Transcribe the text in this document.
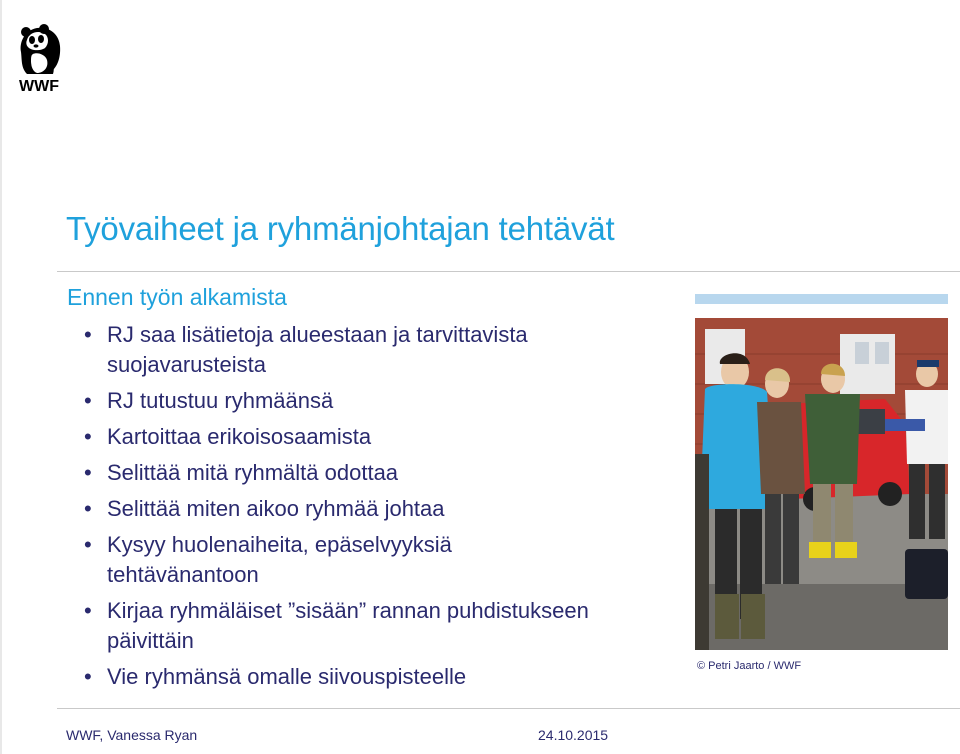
WWF
Työvaiheet ja ryhmänjohtajan tehtävät
Ennen työn alkamista
• RJ saa lisätietoja alueestaan ja tarvittavista
suojavarusteista
• RJ tutustuu ryhmäänsä
• Kartoittaa erikoisosaamista
• Selittää mitä ryhmältä odottaa
• Selittää miten aikoo ryhmää johtaa
• Kysyy huolenaiheita, epäselvyyksiä
tehtävänantoon
• Kirjaa ryhmäläiset ”sisään” rannan puhdistukseen
päivittäin
• Vie ryhmänsä omalle siivouspisteelle	© Petri Jaarto / WWF
WWF, Vanessa Ryan	24.10.2015
